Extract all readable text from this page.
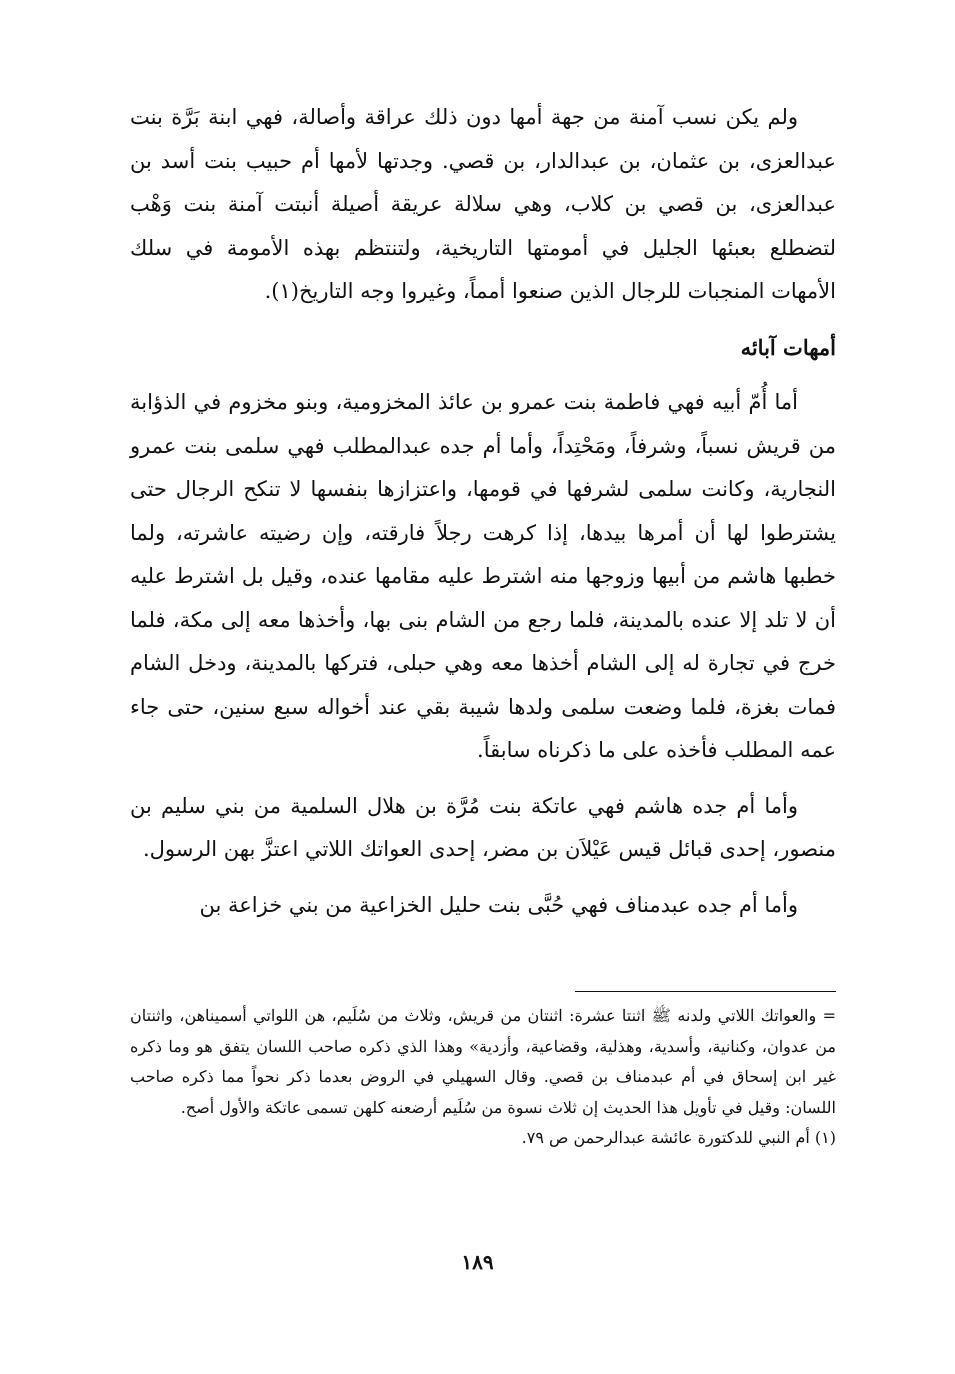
ولم يكن نسب آمنة من جهة أمها دون ذلك عراقة وأصالة، فهي ابنة بَرَّة بنت عبدالعزى، بن عثمان، بن عبدالدار، بن قصي. وجدتها لأمها أم حبيب بنت أسد بن عبدالعزى، بن قصي بن كلاب، وهي سلالة عريقة أصيلة أنبتت آمنة بنت وَهْب لتضطلع بعبئها الجليل في أمومتها التاريخية، ولتنتظم بهذه الأمومة في سلك الأمهات المنجبات للرجال الذين صنعوا أمماً، وغيروا وجه التاريخ(١).

أمهات آبائه

أما أُمّ أبيه فهي فاطمة بنت عمرو بن عائذ المخزومية، وبنو مخزوم في الذؤابة من قريش نسباً، وشرفاً، ومَحْتِداً، وأما أم جده عبدالمطلب فهي سلمى بنت عمرو النجارية، وكانت سلمى لشرفها في قومها، واعتزازها بنفسها لا تنكح الرجال حتى يشترطوا لها أن أمرها بيدها، إذا كرهت رجلاً فارقته، وإن رضيته عاشرته، ولما خطبها هاشم من أبيها وزوجها منه اشترط عليه مقامها عنده، وقيل بل اشترط عليه أن لا تلد إلا عنده بالمدينة، فلما رجع من الشام بنى بها، وأخذها معه إلى مكة، فلما خرج في تجارة له إلى الشام أخذها معه وهي حبلى، فتركها بالمدينة، ودخل الشام فمات بغزة، فلما وضعت سلمى ولدها شيبة بقي عند أخواله سبع سنين، حتى جاء عمه المطلب فأخذه على ما ذكرناه سابقاً.

وأما أم جده هاشم فهي عاتكة بنت مُرَّة بن هلال السلمية من بني سليم بن منصور، إحدى قبائل قيس عَيْلاَن بن مضر، إحدى العواتك اللاتي اعتزَّ بهن الرسول.

وأما أم جده عبدمناف فهي حُبَّى بنت حليل الخزاعية من بني خزاعة بن

= والعواتك اللاتي ولدنه ﷺ اثنتا عشرة: اثنتان من قريش، وثلاث من سُلَيم، هن اللواتي أسميناهن، واثنتان من عدوان، وكنانية، وأسدية، وهذلية، وقضاعية، وأزدية» وهذا الذي ذكره صاحب اللسان يتفق هو وما ذكره غير ابن إسحاق في أم عبدمناف بن قصي. وقال السهيلي في الروض بعدما ذكر نحواً مما ذكره صاحب اللسان: وقيل في تأويل هذا الحديث إن ثلاث نسوة من سُلَيم أرضعنه كلهن تسمى عاتكة والأول أصح.

(١) أم النبي للدكتورة عائشة عبدالرحمن ص ٧٩.

١٨٩
